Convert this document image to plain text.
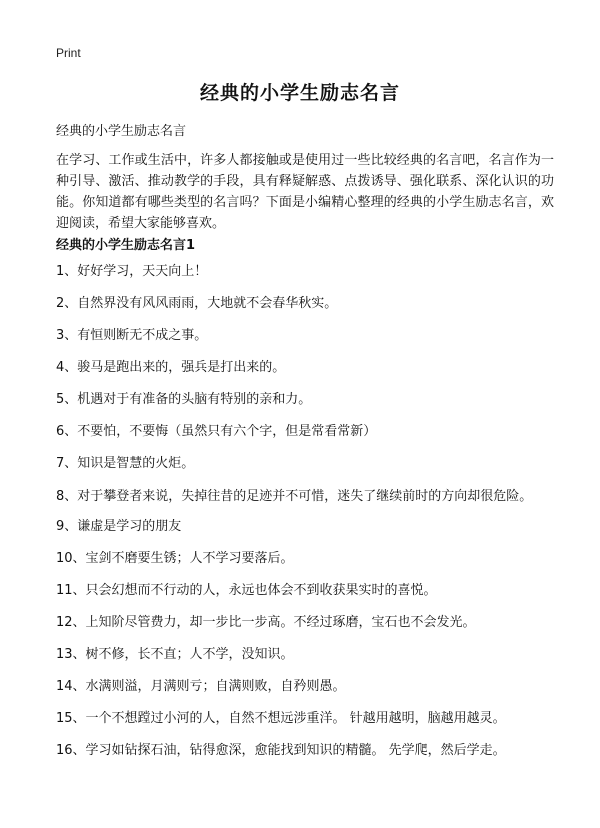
Print
经典的小学生励志名言
经典的小学生励志名言
在学习、工作或生活中，许多人都接触或是使用过一些比较经典的名言吧，名言作为一种引导、激活、推动教学的手段，具有释疑解惑、点拨诱导、强化联系、深化认识的功能。你知道都有哪些类型的名言吗？下面是小编精心整理的经典的小学生励志名言，欢迎阅读，希望大家能够喜欢。
经典的小学生励志名言1
1、好好学习，天天向上！
2、自然界没有风风雨雨，大地就不会春华秋实。
3、有恒则断无不成之事。
4、骏马是跑出来的，强兵是打出来的。
5、机遇对于有准备的头脑有特别的亲和力。
6、不要怕，不要悔（虽然只有六个字，但是常看常新）
7、知识是智慧的火炬。
8、对于攀登者来说，失掉往昔的足迹并不可惜，迷失了继续前时的方向却很危险。
9、谦虚是学习的朋友
10、宝剑不磨要生锈；人不学习要落后。
11、只会幻想而不行动的人，永远也体会不到收获果实时的喜悦。
12、上知阶尽管费力，却一步比一步高。不经过琢磨，宝石也不会发光。
13、树不修，长不直；人不学，没知识。
14、水满则溢，月满则亏；自满则败，自矜则愚。
15、一个不想蹚过小河的人，自然不想远涉重洋。 针越用越明，脑越用越灵。
16、学习如钻探石油，钻得愈深，愈能找到知识的精髓。 先学爬，然后学走。
